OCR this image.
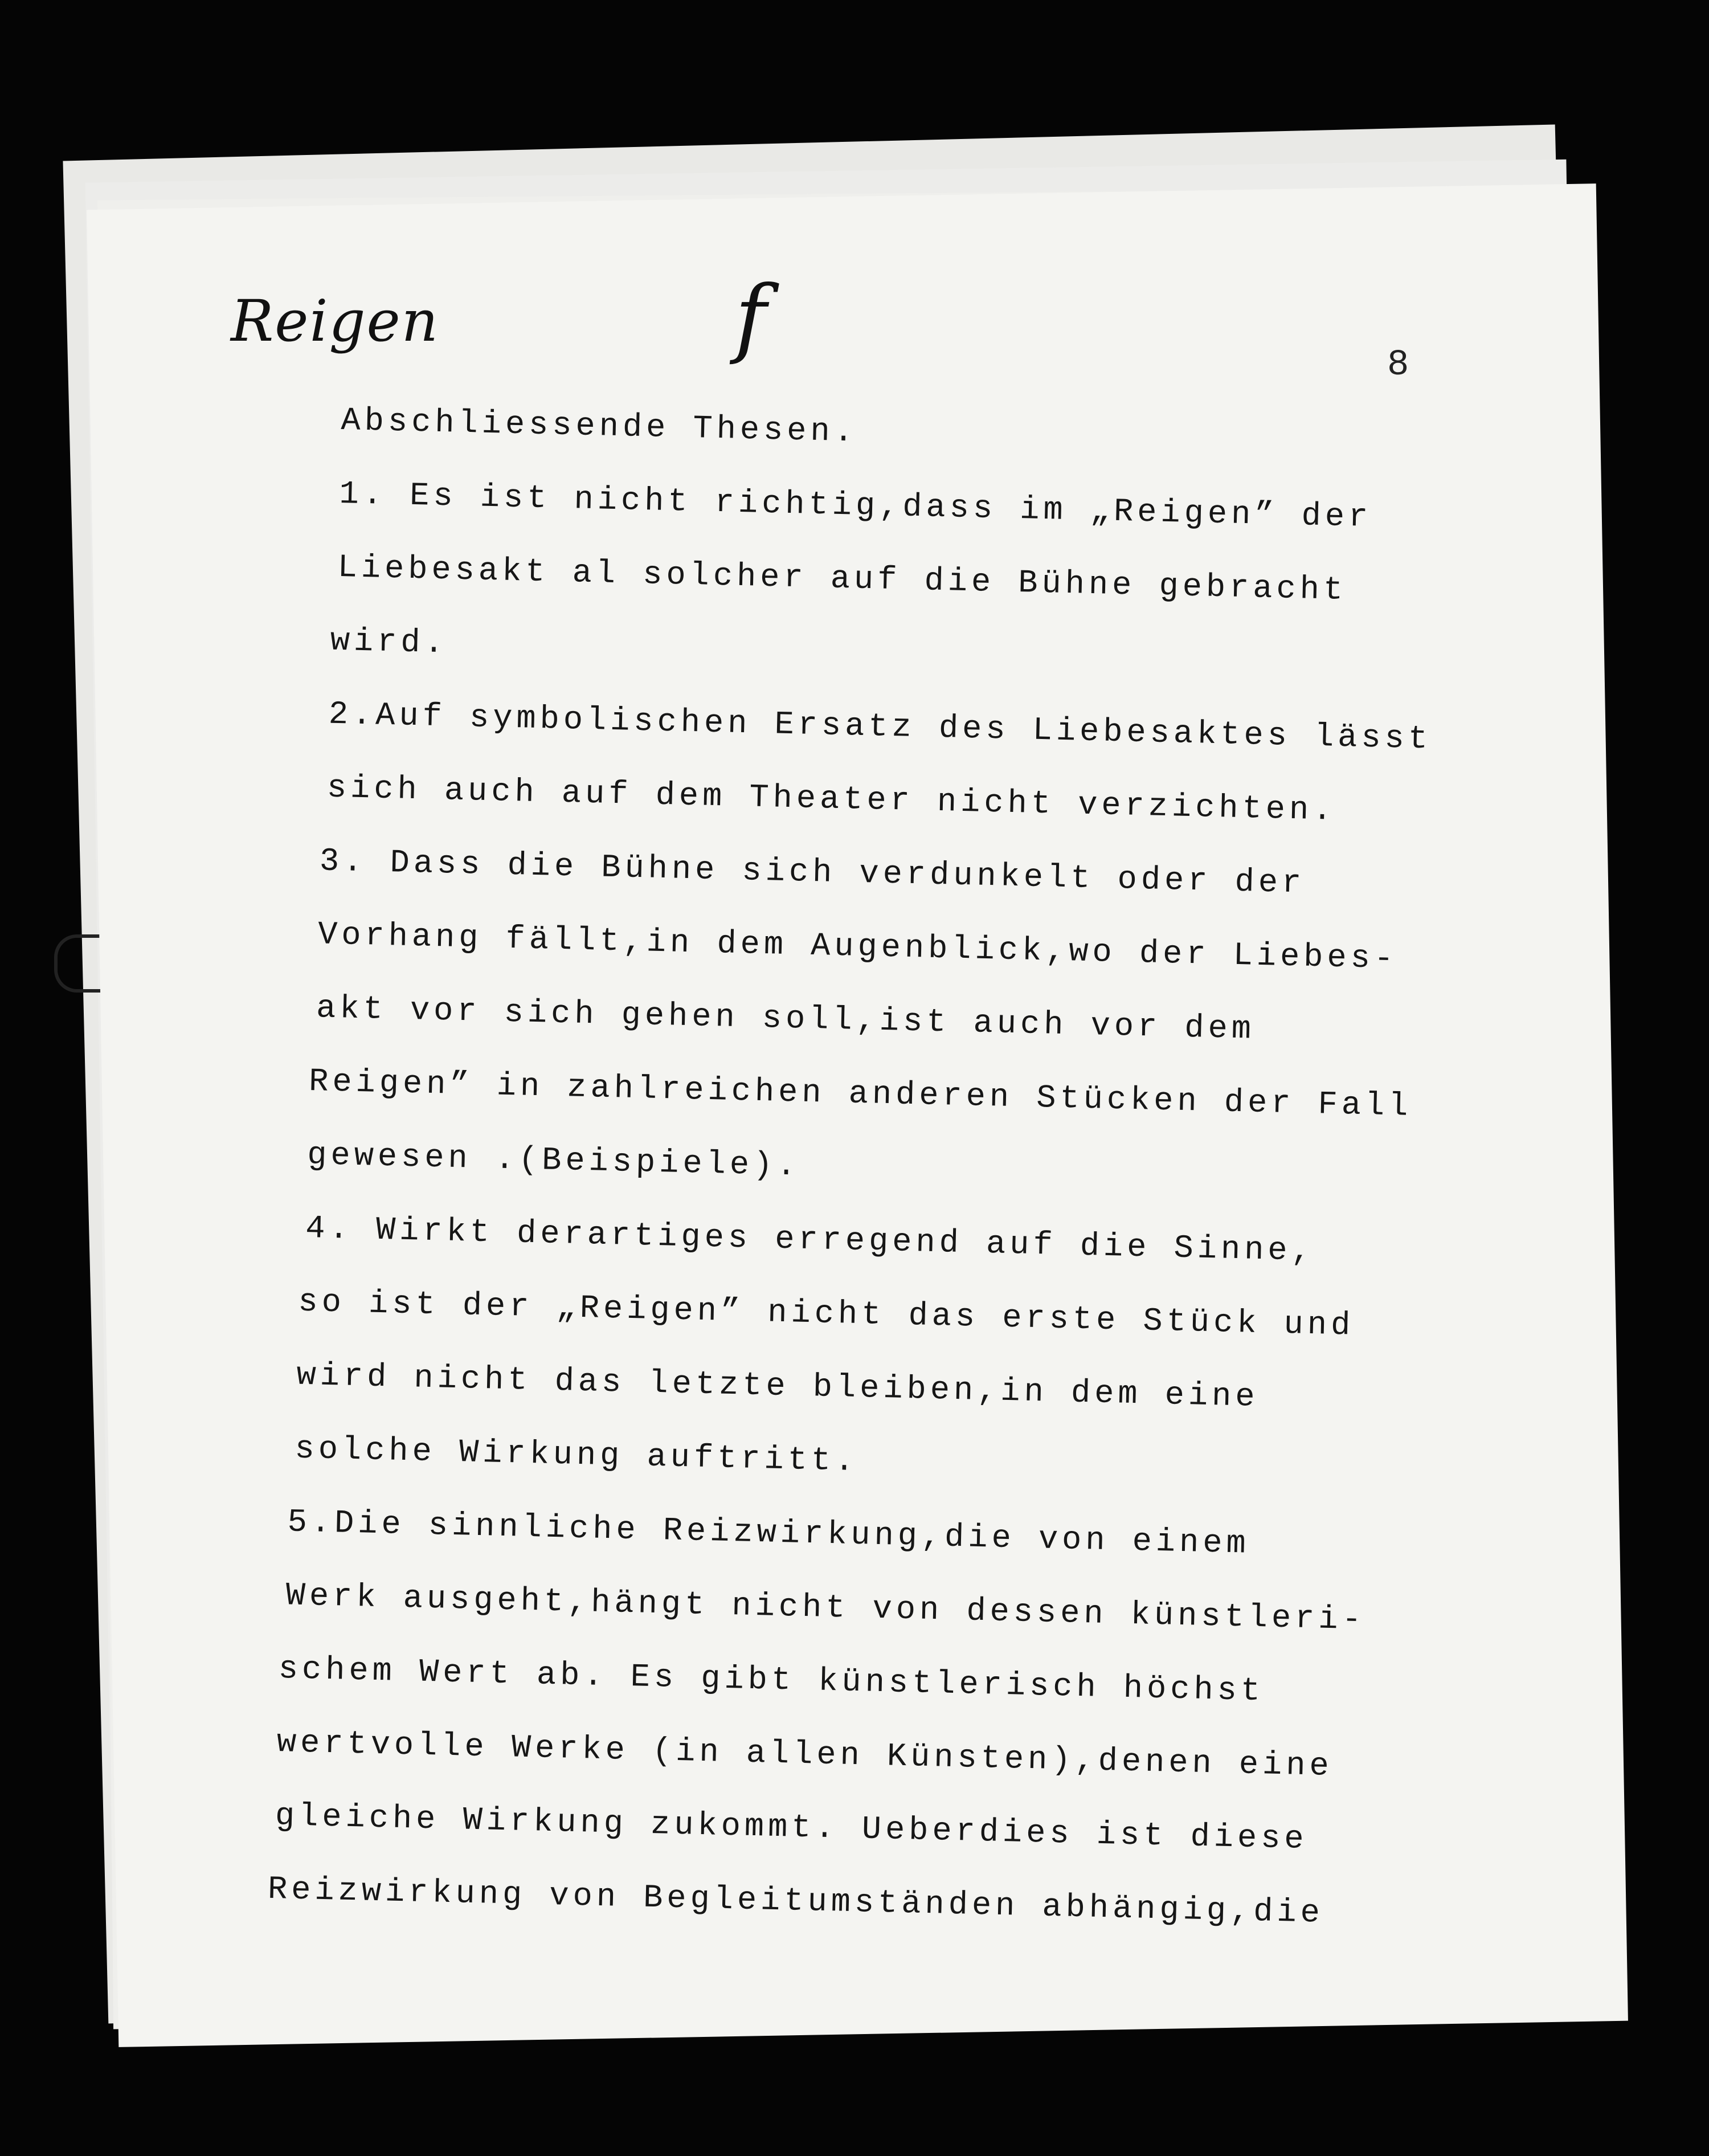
Reigen	f	8
Abschliessende Thesen.
1. Es ist nicht richtig,dass im „Reigen” der
Liebesakt al solcher auf die Bühne gebracht
wird.
2.Auf symbolischen Ersatz des Liebesaktes lässt
sich auch auf dem Theater nicht verzichten.
3. Dass die Bühne sich verdunkelt oder der
Vorhang fällt,in dem Augenblick,wo der Liebes-
akt vor sich gehen soll,ist auch vor dem
Reigen” in zahlreichen anderen Stücken der Fall
gewesen .(Beispiele).
4. Wirkt derartiges erregend auf die Sinne,
so ist der „Reigen” nicht das erste Stück und
wird nicht das letzte bleiben,in dem eine
solche Wirkung auftritt.
5.Die sinnliche Reizwirkung,die von einem
Werk ausgeht,hängt nicht von dessen künstleri-
schem Wert ab. Es gibt künstlerisch höchst
wertvolle Werke (in allen Künsten),denen eine
gleiche Wirkung zukommt. Ueberdies ist diese
Reizwirkung von Begleitumständen abhängig,die
